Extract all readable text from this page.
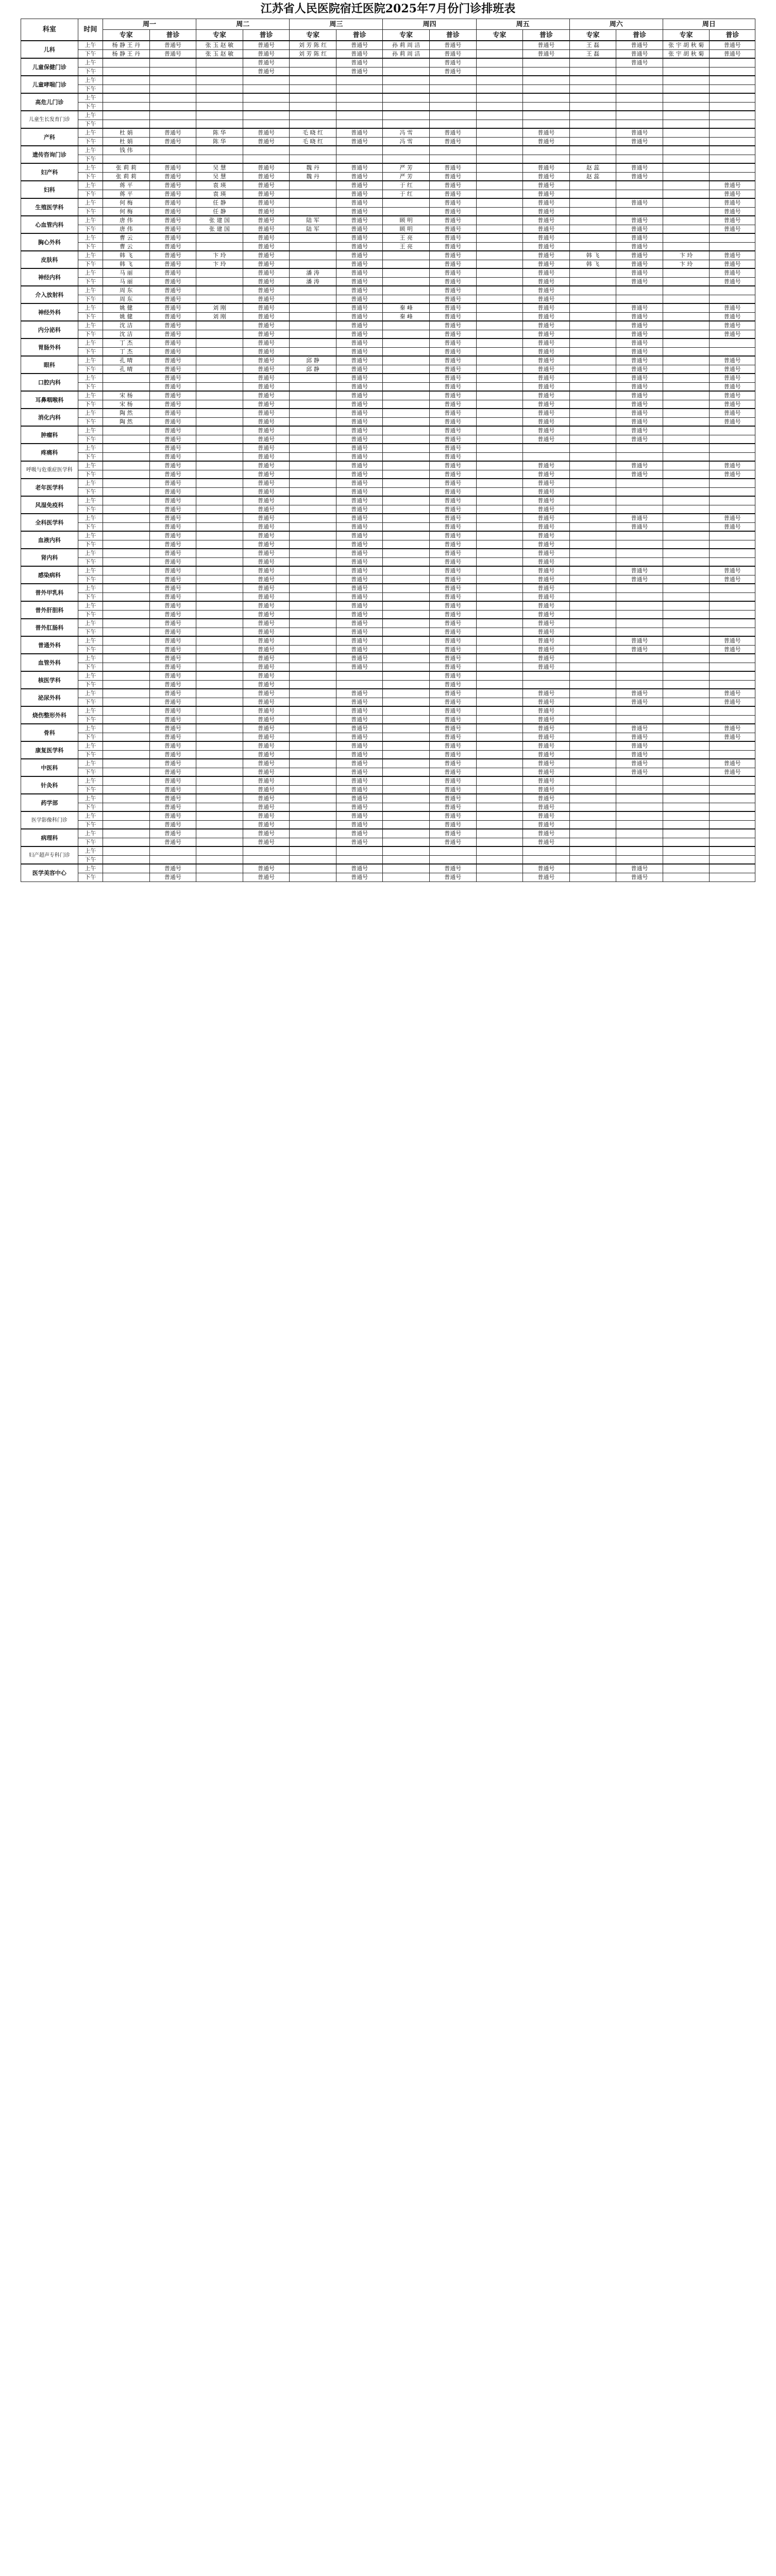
江苏省人民医院宿迁医院2025年7月份门诊排班表
科室	时间	周一		周二		周三		周四		周五		周六		周日	
		专家	普诊	专家	普诊	专家	普诊	专家	普诊	专家	普诊	专家	普诊	专家	普诊
儿科	上午	杨 静 王 丹	普通号	张 玉 赵 敏	普通号	刘 芳 陈 红	普通号	孙 莉 周 洁	普通号		普通号	王 磊	普通号	张 宇 胡 秋 菊	普通号
	下午	杨 静 王 丹	普通号	张 玉 赵 敏	普通号	刘 芳 陈 红	普通号	孙 莉 周 洁	普通号		普通号	王 磊	普通号	张 宇 胡 秋 菊	普通号
儿童保健门诊	上午				普通号		普通号		普通号				普通号		
	下午				普通号		普通号		普通号						
儿童哮喘门诊	上午														
	下午														
高危儿门诊	上午														
	下午														
儿童生长发育门诊	上午														
	下午														
产科	上午	杜 娟	普通号	陈 华	普通号	毛 晓 红	普通号	冯 雪	普通号		普通号		普通号		
	下午	杜 娟	普通号	陈 华	普通号	毛 晓 红	普通号	冯 雪	普通号		普通号		普通号		
遗传咨询门诊	上午	钱 伟													
	下午														
妇产科	上午	张 莉 莉	普通号	吴 慧	普通号	魏 丹	普通号	严 芳	普通号		普通号	赵 蕊	普通号		
	下午	张 莉 莉	普通号	吴 慧	普通号	魏 丹	普通号	严 芳	普通号		普通号	赵 蕊	普通号		
妇科	上午	蒋 平	普通号	袁 瑛	普通号		普通号	于 红	普通号		普通号				普通号
	下午	蒋 平	普通号	袁 瑛	普通号		普通号	于 红	普通号		普通号				普通号
生殖医学科	上午	何 梅	普通号	任 静	普通号		普通号		普通号		普通号		普通号		普通号
	下午	何 梅	普通号	任 静	普通号		普通号		普通号		普通号				普通号
心血管内科	上午	唐 伟	普通号	张 建 国	普通号	陆 军	普通号	顾 明	普通号		普通号		普通号		普通号
	下午	唐 伟	普通号	张 建 国	普通号	陆 军	普通号	顾 明	普通号		普通号		普通号		普通号
胸心外科	上午	曹 云	普通号		普通号		普通号	王 亮	普通号		普通号		普通号		
	下午	曹 云	普通号		普通号		普通号	王 亮	普通号		普通号		普通号		
皮肤科	上午	韩 飞	普通号	卞 玲	普通号		普通号		普通号		普通号	韩 飞	普通号	卞 玲	普通号
	下午	韩 飞	普通号	卞 玲	普通号		普通号		普通号		普通号	韩 飞	普通号	卞 玲	普通号
神经内科	上午	马 丽	普通号		普通号	潘 涛	普通号		普通号		普通号		普通号		普通号
	下午	马 丽	普通号		普通号	潘 涛	普通号		普通号		普通号		普通号		普通号
介入放射科	上午	周 东	普通号		普通号		普通号		普通号		普通号				
	下午	周 东	普通号		普通号		普通号		普通号		普通号				
神经外科	上午	姚 健	普通号	刘 刚	普通号		普通号	秦 峰	普通号		普通号		普通号		普通号
	下午	姚 健	普通号	刘 刚	普通号		普通号	秦 峰	普通号		普通号		普通号		普通号
内分泌科	上午	沈 洁	普通号		普通号		普通号		普通号		普通号		普通号		普通号
	下午	沈 洁	普通号		普通号		普通号		普通号		普通号		普通号		普通号
胃肠外科	上午	丁 杰	普通号		普通号		普通号		普通号		普通号		普通号		
	下午	丁 杰	普通号		普通号		普通号		普通号		普通号		普通号		
眼科	上午	孔 晴	普通号		普通号	邱 静	普通号		普通号		普通号		普通号		普通号
	下午	孔 晴	普通号		普通号	邱 静	普通号		普通号		普通号		普通号		普通号
口腔内科	上午		普通号		普通号		普通号		普通号		普通号		普通号		普通号
	下午		普通号		普通号		普通号		普通号		普通号		普通号		普通号
耳鼻咽喉科	上午	宋 杨	普通号		普通号		普通号		普通号		普通号		普通号		普通号
	下午	宋 杨	普通号		普通号		普通号		普通号		普通号		普通号		普通号
消化内科	上午	陶 然	普通号		普通号		普通号		普通号		普通号		普通号		普通号
	下午	陶 然	普通号		普通号		普通号		普通号		普通号		普通号		普通号
肿瘤科	上午		普通号		普通号		普通号		普通号		普通号		普通号		
	下午		普通号		普通号		普通号		普通号		普通号		普通号		
疼痛科	上午		普通号		普通号		普通号		普通号						
	下午		普通号		普通号		普通号		普通号						
呼吸与危重症医学科	上午		普通号		普通号		普通号		普通号		普通号		普通号		普通号
	下午		普通号		普通号		普通号		普通号		普通号		普通号		普通号
老年医学科	上午		普通号		普通号		普通号		普通号		普通号				
	下午		普通号		普通号		普通号		普通号		普通号				
风湿免疫科	上午		普通号		普通号		普通号		普通号		普通号				
	下午		普通号		普通号		普通号		普通号		普通号				
全科医学科	上午		普通号		普通号		普通号		普通号		普通号		普通号		普通号
	下午		普通号		普通号		普通号		普通号		普通号		普通号		普通号
血液内科	上午		普通号		普通号		普通号		普通号		普通号				
	下午		普通号		普通号		普通号		普通号		普通号				
肾内科	上午		普通号		普通号		普通号		普通号		普通号				
	下午		普通号		普通号		普通号		普通号		普通号				
感染病科	上午		普通号		普通号		普通号		普通号		普通号		普通号		普通号
	下午		普通号		普通号		普通号		普通号		普通号		普通号		普通号
普外甲乳科	上午		普通号		普通号		普通号		普通号		普通号				
	下午		普通号		普通号		普通号		普通号		普通号				
普外肝胆科	上午		普通号		普通号		普通号		普通号		普通号				
	下午		普通号		普通号		普通号		普通号		普通号				
普外肛肠科	上午		普通号		普通号		普通号		普通号		普通号				
	下午		普通号		普通号		普通号		普通号		普通号				
普通外科	上午		普通号		普通号		普通号		普通号		普通号		普通号		普通号
	下午		普通号		普通号		普通号		普通号		普通号		普通号		普通号
血管外科	上午		普通号		普通号		普通号		普通号		普通号				
	下午		普通号		普通号		普通号		普通号		普通号				
核医学科	上午		普通号		普通号				普通号						
	下午		普通号		普通号				普通号						
泌尿外科	上午		普通号		普通号		普通号		普通号		普通号		普通号		普通号
	下午		普通号		普通号		普通号		普通号		普通号		普通号		普通号
烧伤整形外科	上午		普通号		普通号		普通号		普通号		普通号				
	下午		普通号		普通号		普通号		普通号		普通号				
骨科	上午		普通号		普通号		普通号		普通号		普通号		普通号		普通号
	下午		普通号		普通号		普通号		普通号		普通号		普通号		普通号
康复医学科	上午		普通号		普通号		普通号		普通号		普通号		普通号		
	下午		普通号		普通号		普通号		普通号		普通号		普通号		
中医科	上午		普通号		普通号		普通号		普通号		普通号		普通号		普通号
	下午		普通号		普通号		普通号		普通号		普通号		普通号		普通号
针灸科	上午		普通号		普通号		普通号		普通号		普通号				
	下午		普通号		普通号		普通号		普通号		普通号				
药学部	上午		普通号		普通号		普通号		普通号		普通号				
	下午		普通号		普通号		普通号		普通号		普通号				
医学影像科门诊	上午		普通号		普通号		普通号		普通号		普通号				
	下午		普通号		普通号		普通号		普通号		普通号				
病理科	上午		普通号		普通号		普通号		普通号		普通号				
	下午		普通号		普通号		普通号		普通号		普通号				
妇产超声专科门诊	上午														
	下午														
医学美容中心	上午		普通号		普通号		普通号		普通号		普通号		普通号		
	下午		普通号		普通号		普通号		普通号		普通号		普通号		
